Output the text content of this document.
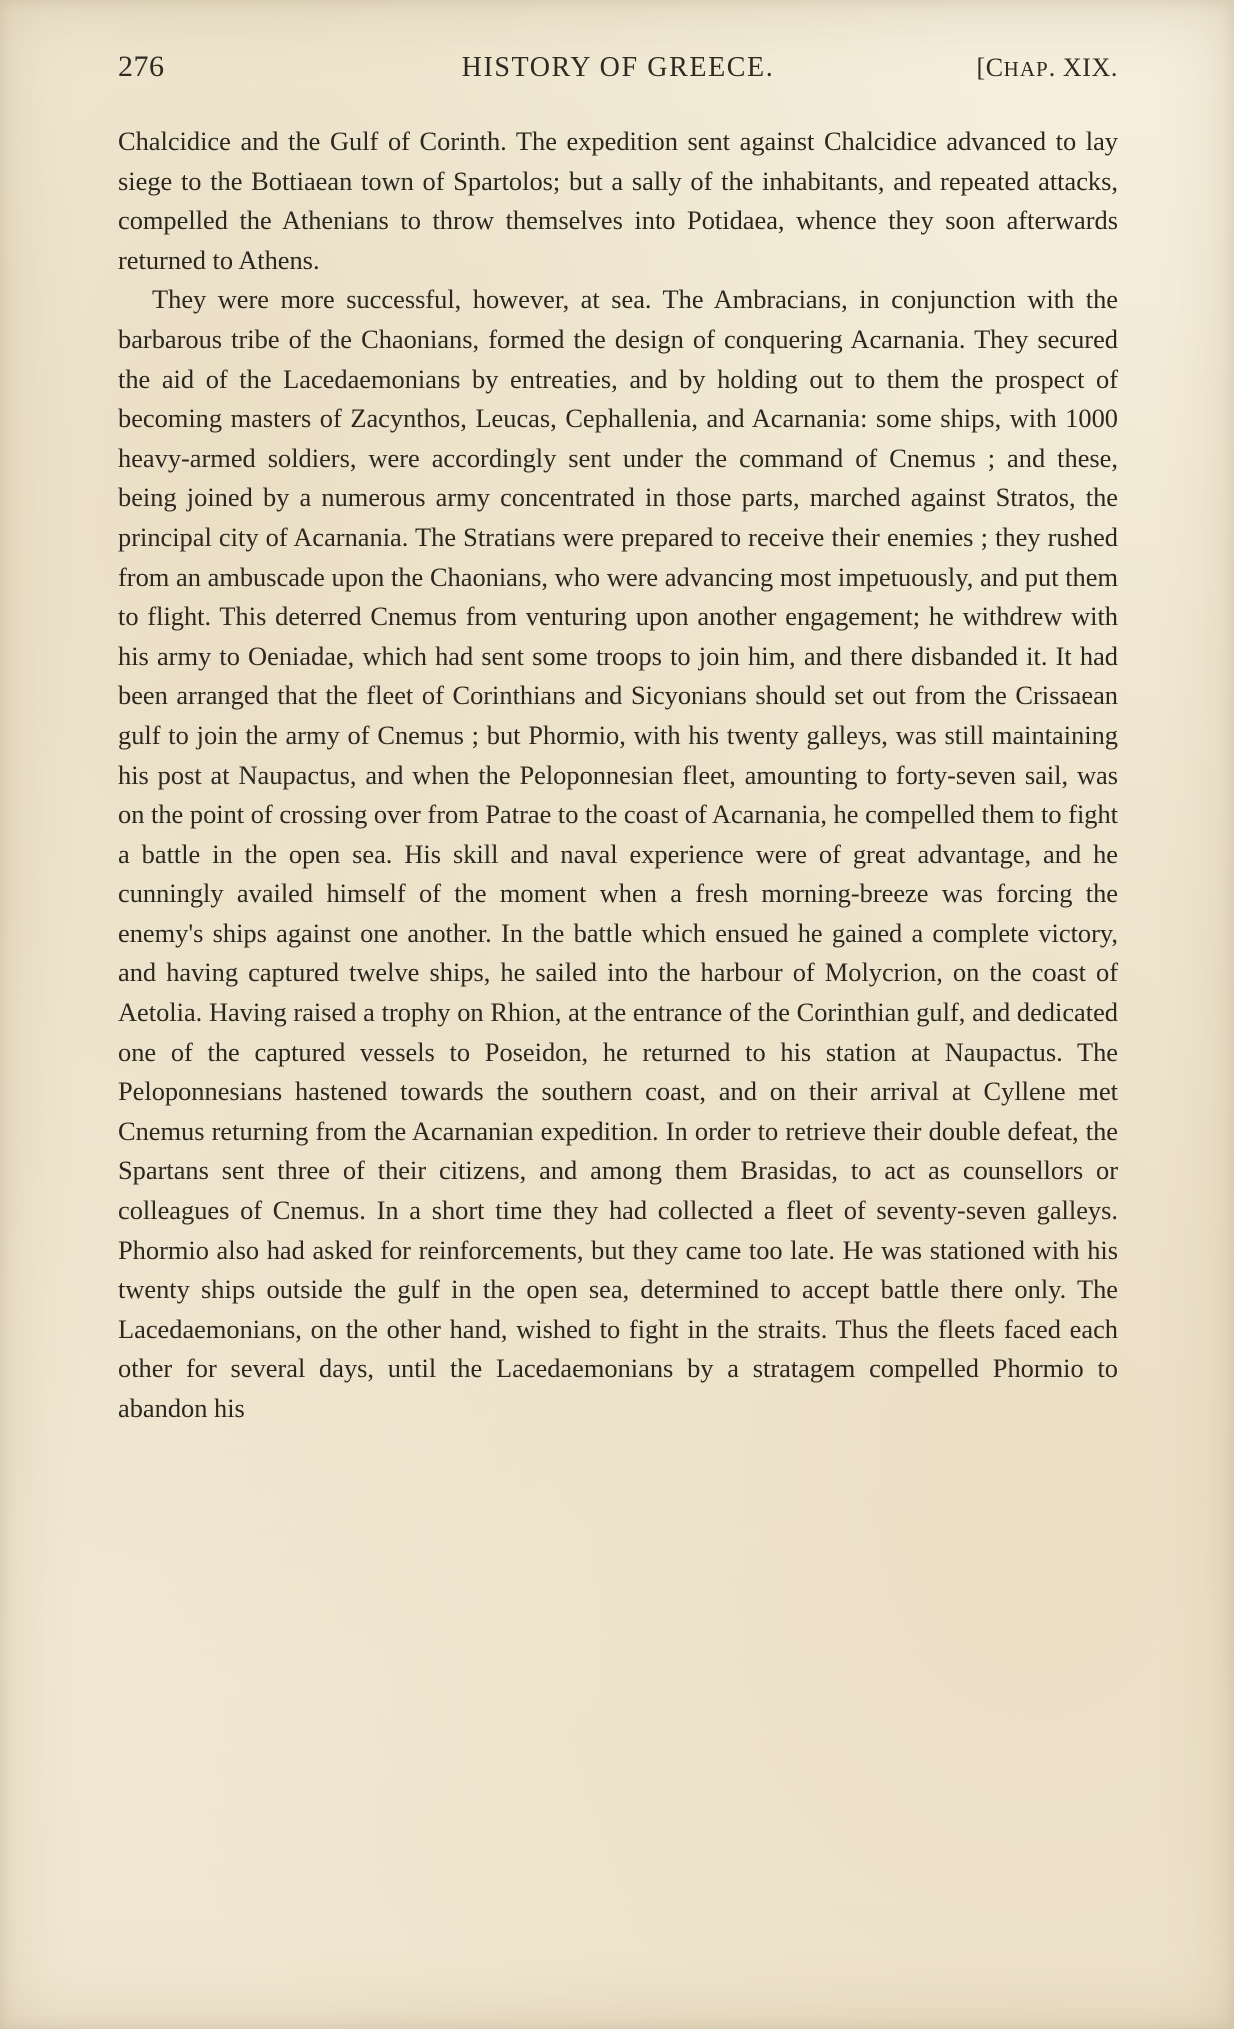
276	HISTORY OF GREECE.	[CHAP. XIX.

Chalcidice and the Gulf of Corinth. The expedition sent against Chalcidice advanced to lay siege to the Bottiaean town of Spartolos; but a sally of the inhabitants, and repeated attacks, compelled the Athenians to throw themselves into Potidaea, whence they soon afterwards returned to Athens.

They were more successful, however, at sea. The Ambracians, in conjunction with the barbarous tribe of the Chaonians, formed the design of conquering Acarnania. They secured the aid of the Lacedaemonians by entreaties, and by holding out to them the prospect of becoming masters of Zacynthos, Leucas, Cephallenia, and Acarnania: some ships, with 1000 heavy-armed soldiers, were accordingly sent under the command of Cnemus ; and these, being joined by a numerous army concentrated in those parts, marched against Stratos, the principal city of Acarnania. The Stratians were prepared to receive their enemies ; they rushed from an ambuscade upon the Chaonians, who were advancing most impetuously, and put them to flight. This deterred Cnemus from venturing upon another engagement; he withdrew with his army to Oeniadae, which had sent some troops to join him, and there disbanded it. It had been arranged that the fleet of Corinthians and Sicyonians should set out from the Crissaean gulf to join the army of Cnemus ; but Phormio, with his twenty galleys, was still maintaining his post at Naupactus, and when the Peloponnesian fleet, amounting to forty-seven sail, was on the point of crossing over from Patrae to the coast of Acarnania, he compelled them to fight a battle in the open sea. His skill and naval experience were of great advantage, and he cunningly availed himself of the moment when a fresh morning-breeze was forcing the enemy's ships against one another. In the battle which ensued he gained a complete victory, and having captured twelve ships, he sailed into the harbour of Molycrion, on the coast of Aetolia. Having raised a trophy on Rhion, at the entrance of the Corinthian gulf, and dedicated one of the captured vessels to Poseidon, he returned to his station at Naupactus. The Peloponnesians hastened towards the southern coast, and on their arrival at Cyllene met Cnemus returning from the Acarnanian expedition. In order to retrieve their double defeat, the Spartans sent three of their citizens, and among them Brasidas, to act as counsellors or colleagues of Cnemus. In a short time they had collected a fleet of seventy-seven galleys. Phormio also had asked for reinforcements, but they came too late. He was stationed with his twenty ships outside the gulf in the open sea, determined to accept battle there only. The Lacedaemonians, on the other hand, wished to fight in the straits. Thus the fleets faced each other for several days, until the Lacedaemonians by a stratagem compelled Phormio to abandon his
